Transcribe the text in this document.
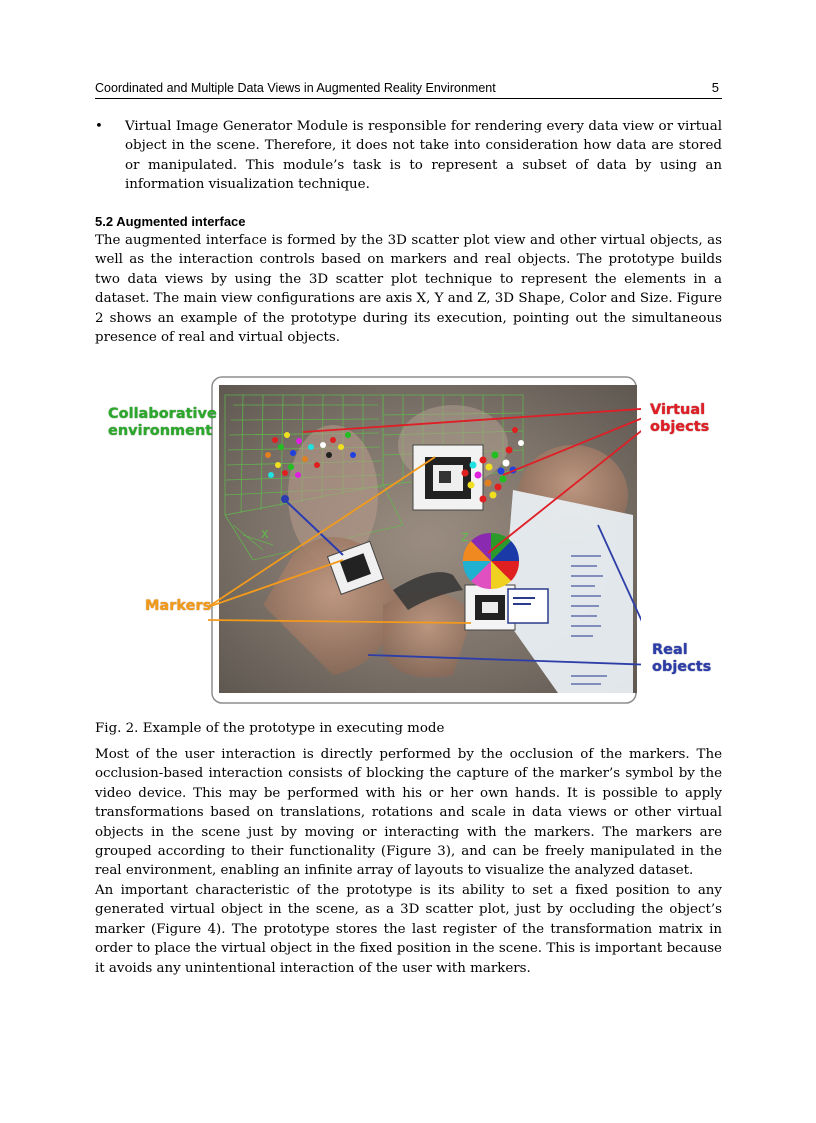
Coordinated and Multiple Data Views in Augmented Reality Environment	5
•	Virtual Image Generator Module is responsible for rendering every data view or virtual object in the scene. Therefore, it does not take into consideration how data are stored or manipulated. This module’s task is to represent a subset of data by using an information visualization technique.

5.2 Augmented interface

The augmented interface is formed by the 3D scatter plot view and other virtual objects, as well as the interaction controls based on markers and real objects. The prototype builds two data views by using the 3D scatter plot technique to represent the elements in a dataset. The main view configurations are axis X, Y and Z, 3D Shape, Color and Size. Figure 2 shows an example of the prototype during its execution, pointing out the simultaneous presence of real and virtual objects.

Z
X
Collaborative environment
Virtual objects
Markers
Real objects

Fig. 2. Example of the prototype in executing mode

Most of the user interaction is directly performed by the occlusion of the markers. The occlusion-based interaction consists of blocking the capture of the marker’s symbol by the video device. This may be performed with his or her own hands. It is possible to apply transformations based on translations, rotations and scale in data views or other virtual objects in the scene just by moving or interacting with the markers. The markers are grouped according to their functionality (Figure 3), and can be freely manipulated in the real environment, enabling an infinite array of layouts to visualize the analyzed dataset.

An important characteristic of the prototype is its ability to set a fixed position to any generated virtual object in the scene, as a 3D scatter plot, just by occluding the object’s marker (Figure 4). The prototype stores the last register of the transformation matrix in order to place the virtual object in the fixed position in the scene. This is important because it avoids any unintentional interaction of the user with markers.
